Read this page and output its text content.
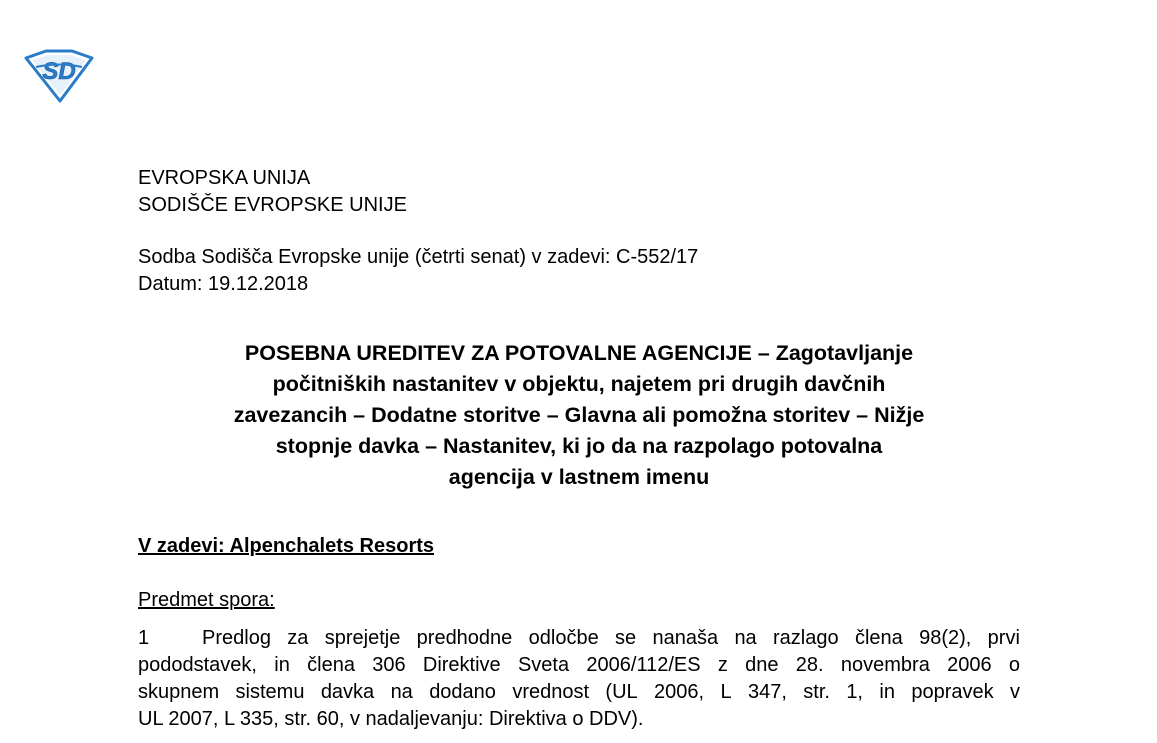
SD

EVROPSKA UNIJA

SODIŠČE EVROPSKE UNIJE

Sodba Sodišča Evropske unije (četrti senat) v zadevi: C-552/17

Datum: 19.12.2018

POSEBNA UREDITEV ZA POTOVALNE AGENCIJE – Zagotavljanje
počitniških nastanitev v objektu, najetem pri drugih davčnih
zavezancih – Dodatne storitve – Glavna ali pomožna storitev – Nižje
stopnje davka – Nastanitev, ki jo da na razpolago potovalna
agencija v lastnem imenu
V zadevi: Alpenchalets Resorts
Predmet spora:
1	Predlog za sprejetje predhodne odločbe se nanaša na razlago člena 98(2), prvi
pododstavek, in člena 306 Direktive Sveta 2006/112/ES z dne 28. novembra 2006 o
skupnem sistemu davka na dodano vrednost (UL 2006, L 347, str. 1, in popravek v
UL 2007, L 335, str. 60, v nadaljevanju: Direktiva o DDV).
